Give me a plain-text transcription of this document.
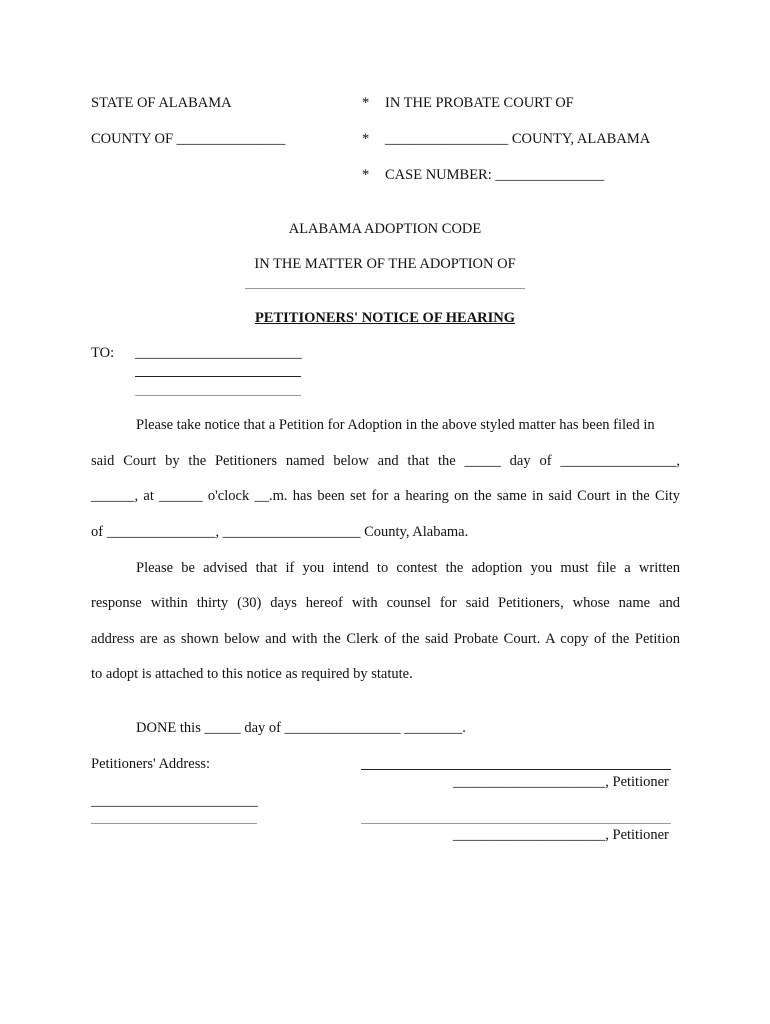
STATE OF ALABAMA	* IN THE PROBATE COURT OF
COUNTY OF _______________	* _________________ COUNTY, ALABAMA
* CASE NUMBER: _______________
ALABAMA ADOPTION CODE
IN THE MATTER OF THE ADOPTION OF
PETITIONERS' NOTICE OF HEARING
TO: _______________________
Please take notice that a Petition for Adoption in the above styled matter has been filed in
said Court by the Petitioners named below and that the _____ day of ________________,
______, at ______ o'clock __.m. has been set for a hearing on the same in said Court in the City
of _______________, ___________________ County, Alabama.
Please be advised that if you intend to contest the adoption you must file a written
response within thirty (30) days hereof with counsel for said Petitioners, whose name and
address are as shown below and with the Clerk of the said Probate Court. A copy of the Petition
to adopt is attached to this notice as required by statute.
DONE this _____ day of ________________ ________.
Petitioners' Address:
_____________________, Petitioner
_______________________
_____________________, Petitioner
